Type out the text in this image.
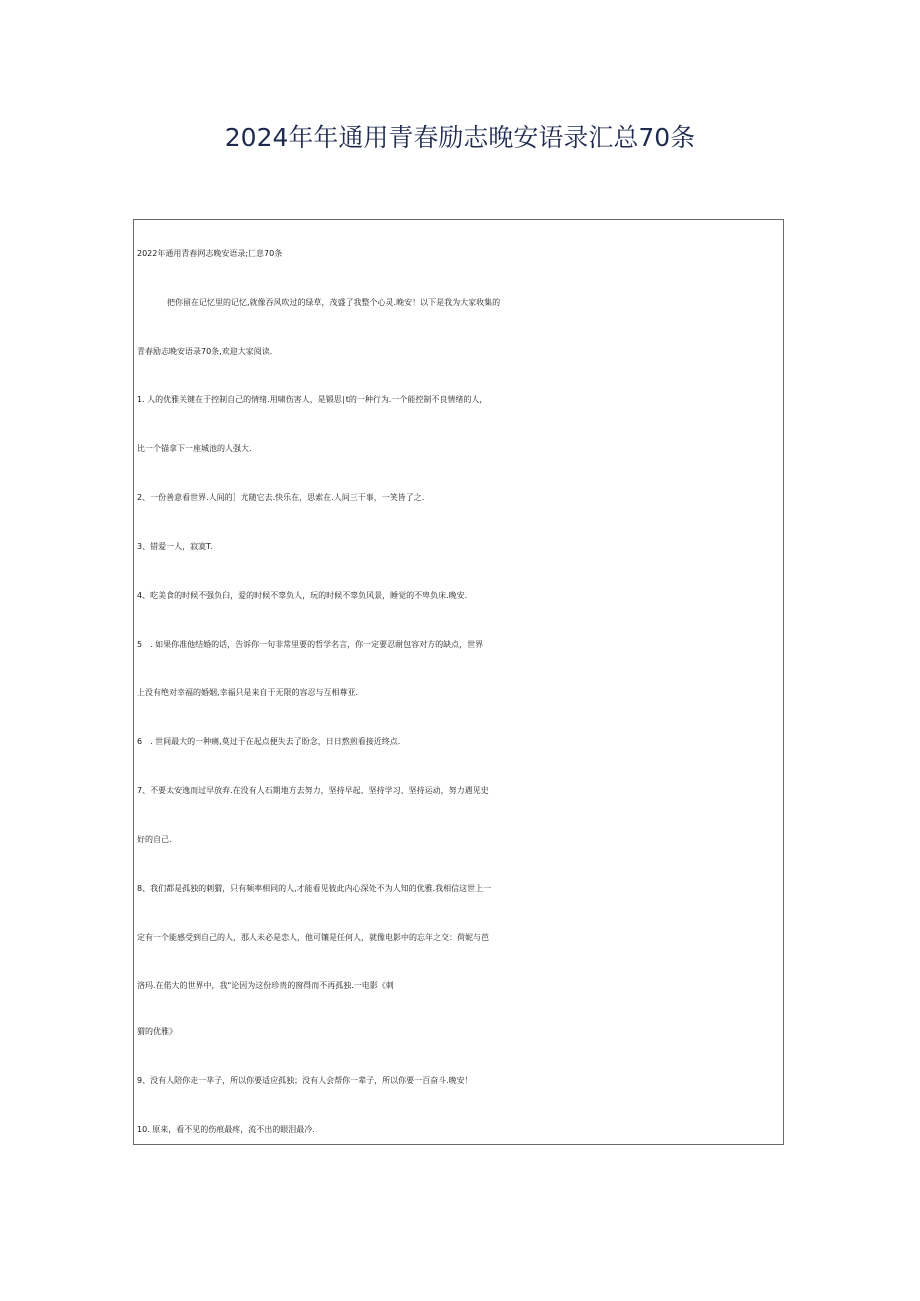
2024年年通用青春励志晚安语录汇总70条
2022年通用青春网志晚安语录;匚息70条
把你留在记忆里的记忆,就像吞风吹过的绿草，茂盛了我整个心灵.晚安！以下是我为大家收集的
青春励志晚安语录70条,欢迎大家阅读.
1. 人的优雅关键在于控制自己的情绪.用啸伤害人，是锻思∣t的一种行为.一个能控制不良情绪的人，
比一个锚拿下一座城池的人强大.
2、一份善意看世界.人间的］尤随它去.快乐在，思索在.人间三干事，一笑皆了之.
3、错爱一人，寂寞T.
4、吃美食的时候不强负臼，爱的时候不辜负人，玩的时候不辜负风景，睡觉的不卑负床.晚安.
5　. 如果你准他结婚的话，告诉你一句非常里要的哲学名言，你一定要忍耐包容对方的缺点，世界
上没有绝对幸福的婚姻,幸福只是来自于无限的容忍与互相尊亚.
6　. 世间最大的一种痛,莫过于在起点便失去了盼念，日日熬煎看接近终点.
7、不要太安逸而过早放弃.在没有人石期地方去努力，坚持早起、坚持学习、坚持运动，努力遇见史
好的自己.
8、我们都是孤独的刺猬，只有频率相同的人,才能看见彼此内心深处不为人知的优雅.我相信这世上一
定有一个能感受到自己的人，那人未必是恋人，他可镶是任何人，就像电影中的忘年之交：荷妮与芭
洛玛.在偌大的世界中，我"论因为这份珍贵的窗得而不再孤独.一电影《刺
猬的优雅》
9、没有人陪你走一芈子，所以你要适应孤独；没有人会帮你一辈子，所以你要一百奋斗.晚安！
10. 原来，看不见的伤痕最疼，流不出的眼泪最冷.
